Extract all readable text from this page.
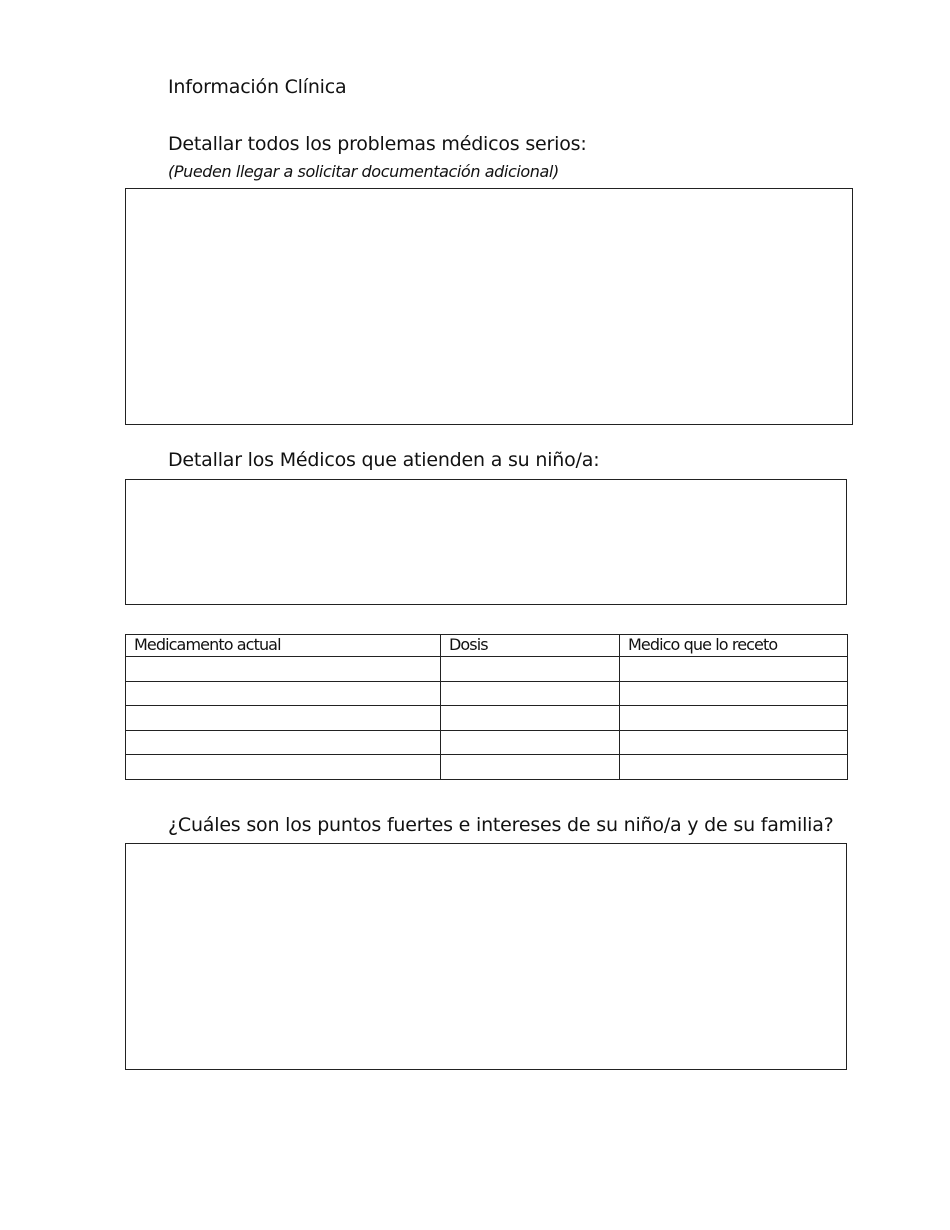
Información Clínica
Detallar todos los problemas médicos serios:
(Pueden llegar a solicitar documentación adicional)
Detallar los Médicos que atienden a su niño/a:
Medicamento actual	Dosis	Medico que lo receto

¿Cuáles son los puntos fuertes e intereses de su niño/a y de su familia?
